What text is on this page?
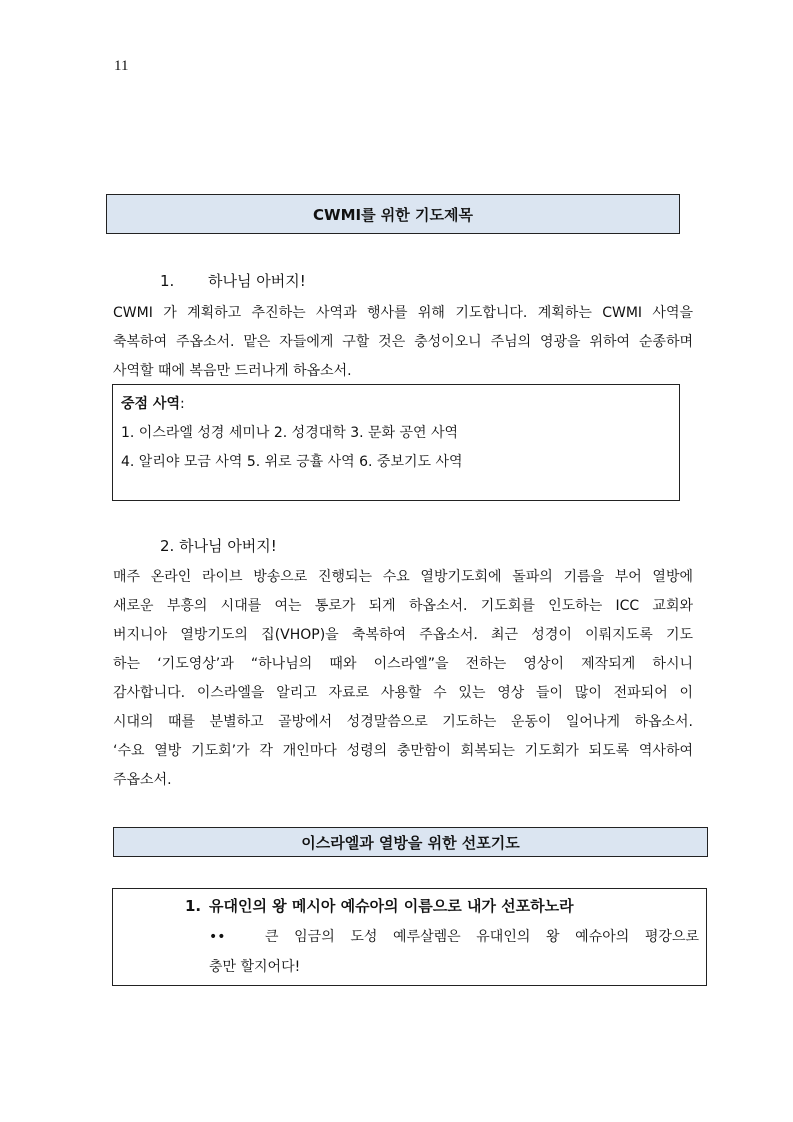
11
CWMI를 위한 기도제목
1. 하나님 아버지!
CWMI 가 계획하고 추진하는 사역과 행사를 위해 기도합니다. 계획하는 CWMI 사역을
축복하여 주옵소서. 맡은 자들에게 구할 것은 충성이오니 주님의 영광을 위하여 순종하며
사역할 때에 복음만 드러나게 하옵소서.
중점 사역:
1. 이스라엘 성경 세미나 2. 성경대학 3. 문화 공연 사역
4. 알리야 모금 사역 5. 위로 긍휼 사역 6. 중보기도 사역
2. 하나님 아버지!
매주 온라인 라이브 방송으로 진행되는 수요 열방기도회에 돌파의 기름을 부어 열방에
새로운 부흥의 시대를 여는 통로가 되게 하옵소서. 기도회를 인도하는 ICC 교회와
버지니아 열방기도의 집(VHOP)을 축복하여 주옵소서. 최근 성경이 이뤄지도록 기도
하는 ‘기도영상’과 “하나님의 때와 이스라엘”을 전하는 영상이 제작되게 하시니
감사합니다. 이스라엘을 알리고 자료로 사용할 수 있는 영상 들이 많이 전파되어 이
시대의 때를 분별하고 골방에서 성경말씀으로 기도하는 운동이 일어나게 하옵소서.
‘수요 열방 기도회’가 각 개인마다 성령의 충만함이 회복되는 기도회가 되도록 역사하여
주옵소서.
이스라엘과 열방을 위한 선포기도
1. 유대인의 왕 메시아 예슈아의 이름으로 내가 선포하노라
••	큰 임금의 도성 예루살렘은 유대인의 왕 예슈아의 평강으로
충만 할지어다!
